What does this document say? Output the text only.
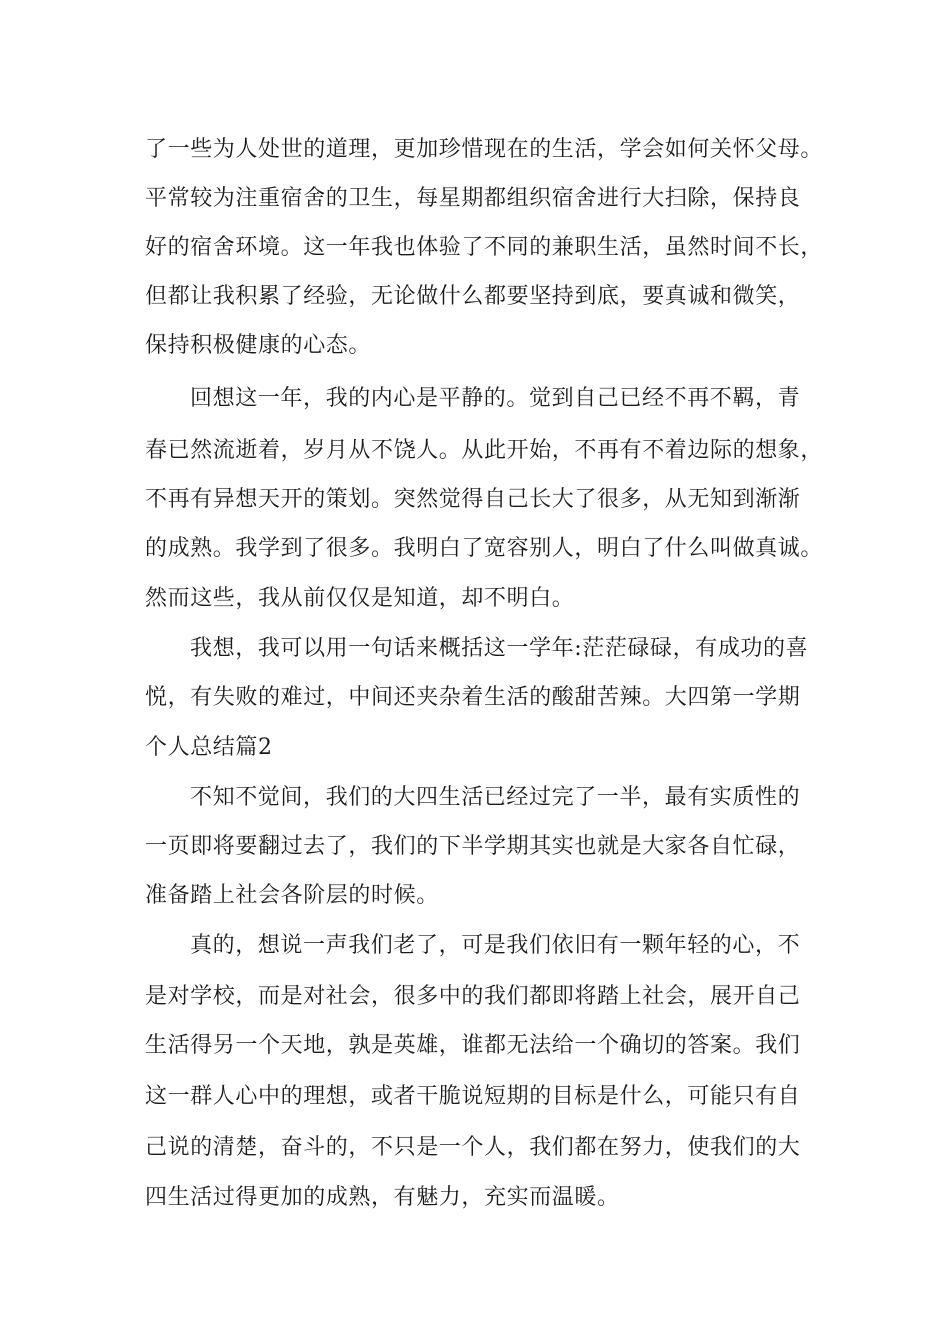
了一些为人处世的道理，更加珍惜现在的生活，学会如何关怀父母。

平常较为注重宿舍的卫生，每星期都组织宿舍进行大扫除，保持良

好的宿舍环境。这一年我也体验了不同的兼职生活，虽然时间不长，

但都让我积累了经验，无论做什么都要坚持到底，要真诚和微笑，

保持积极健康的心态。

回想这一年，我的内心是平静的。觉到自己已经不再不羁，青

春已然流逝着，岁月从不饶人。从此开始，不再有不着边际的想象，

不再有异想天开的策划。突然觉得自己长大了很多，从无知到渐渐

的成熟。我学到了很多。我明白了宽容别人，明白了什么叫做真诚。

然而这些，我从前仅仅是知道，却不明白。

我想，我可以用一句话来概括这一学年:茫茫碌碌，有成功的喜

悦，有失败的难过，中间还夹杂着生活的酸甜苦辣。大四第一学期

个人总结篇2

不知不觉间，我们的大四生活已经过完了一半，最有实质性的

一页即将要翻过去了，我们的下半学期其实也就是大家各自忙碌，

准备踏上社会各阶层的时候。

真的，想说一声我们老了，可是我们依旧有一颗年轻的心，不

是对学校，而是对社会，很多中的我们都即将踏上社会，展开自己

生活得另一个天地，孰是英雄，谁都无法给一个确切的答案。我们

这一群人心中的理想，或者干脆说短期的目标是什么，可能只有自

己说的清楚，奋斗的，不只是一个人，我们都在努力，使我们的大

四生活过得更加的成熟，有魅力，充实而温暖。
